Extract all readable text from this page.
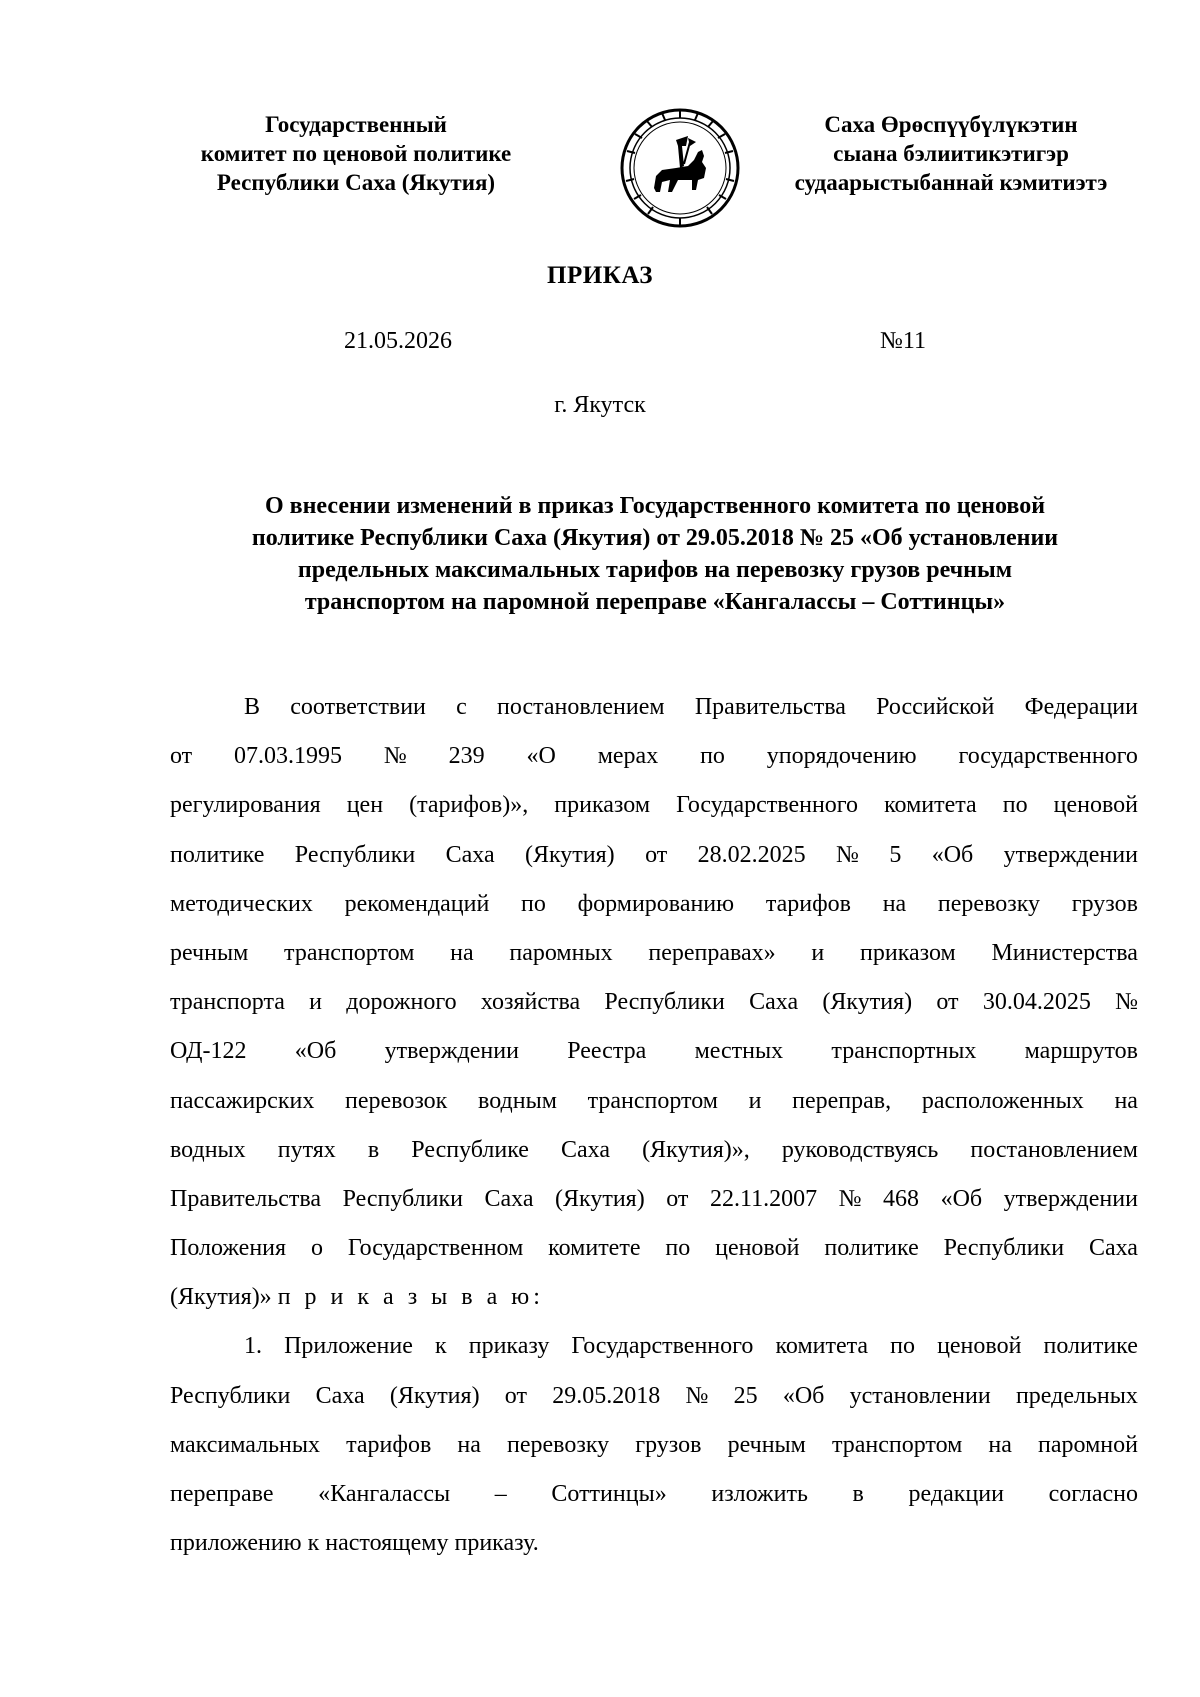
Государственный
комитет по ценовой политике
Республики Саха (Якутия)
Саха Өрөспүүбүлүкэтин
сыана бэлиитикэтигэр
судаарыстыбаннай кэмитиэтэ
ПРИКАЗ
21.05.2026	№11
г. Якутск
О внесении изменений в приказ Государственного комитета по ценовой
политике Республики Саха (Якутия) от 29.05.2018 № 25 «Об установлении
предельных максимальных тарифов на перевозку грузов речным
транспортом на паромной переправе «Кангалассы – Соттинцы»
В соответствии с постановлением Правительства Российской Федерации
от 07.03.1995 № 239 «О мерах по упорядочению государственного
регулирования цен (тарифов)», приказом Государственного комитета по ценовой
политике Республики Саха (Якутия) от 28.02.2025 № 5 «Об утверждении
методических рекомендаций по формированию тарифов на перевозку грузов
речным транспортом на паромных переправах» и приказом Министерства
транспорта и дорожного хозяйства Республики Саха (Якутия) от 30.04.2025 №
ОД-122 «Об утверждении Реестра местных транспортных маршрутов
пассажирских перевозок водным транспортом и переправ, расположенных на
водных путях в Республике Саха (Якутия)», руководствуясь постановлением
Правительства Республики Саха (Якутия) от 22.11.2007 № 468 «Об утверждении
Положения о Государственном комитете по ценовой политике Республики Саха
(Якутия)»
п р и к а з ы в а ю:
1. Приложение к приказу Государственного комитета по ценовой политике
Республики Саха (Якутия) от 29.05.2018 № 25 «Об установлении предельных
максимальных тарифов на перевозку грузов речным транспортом на паромной
переправе «Кангалассы – Соттинцы» изложить в редакции согласно
приложению к настоящему приказу.
